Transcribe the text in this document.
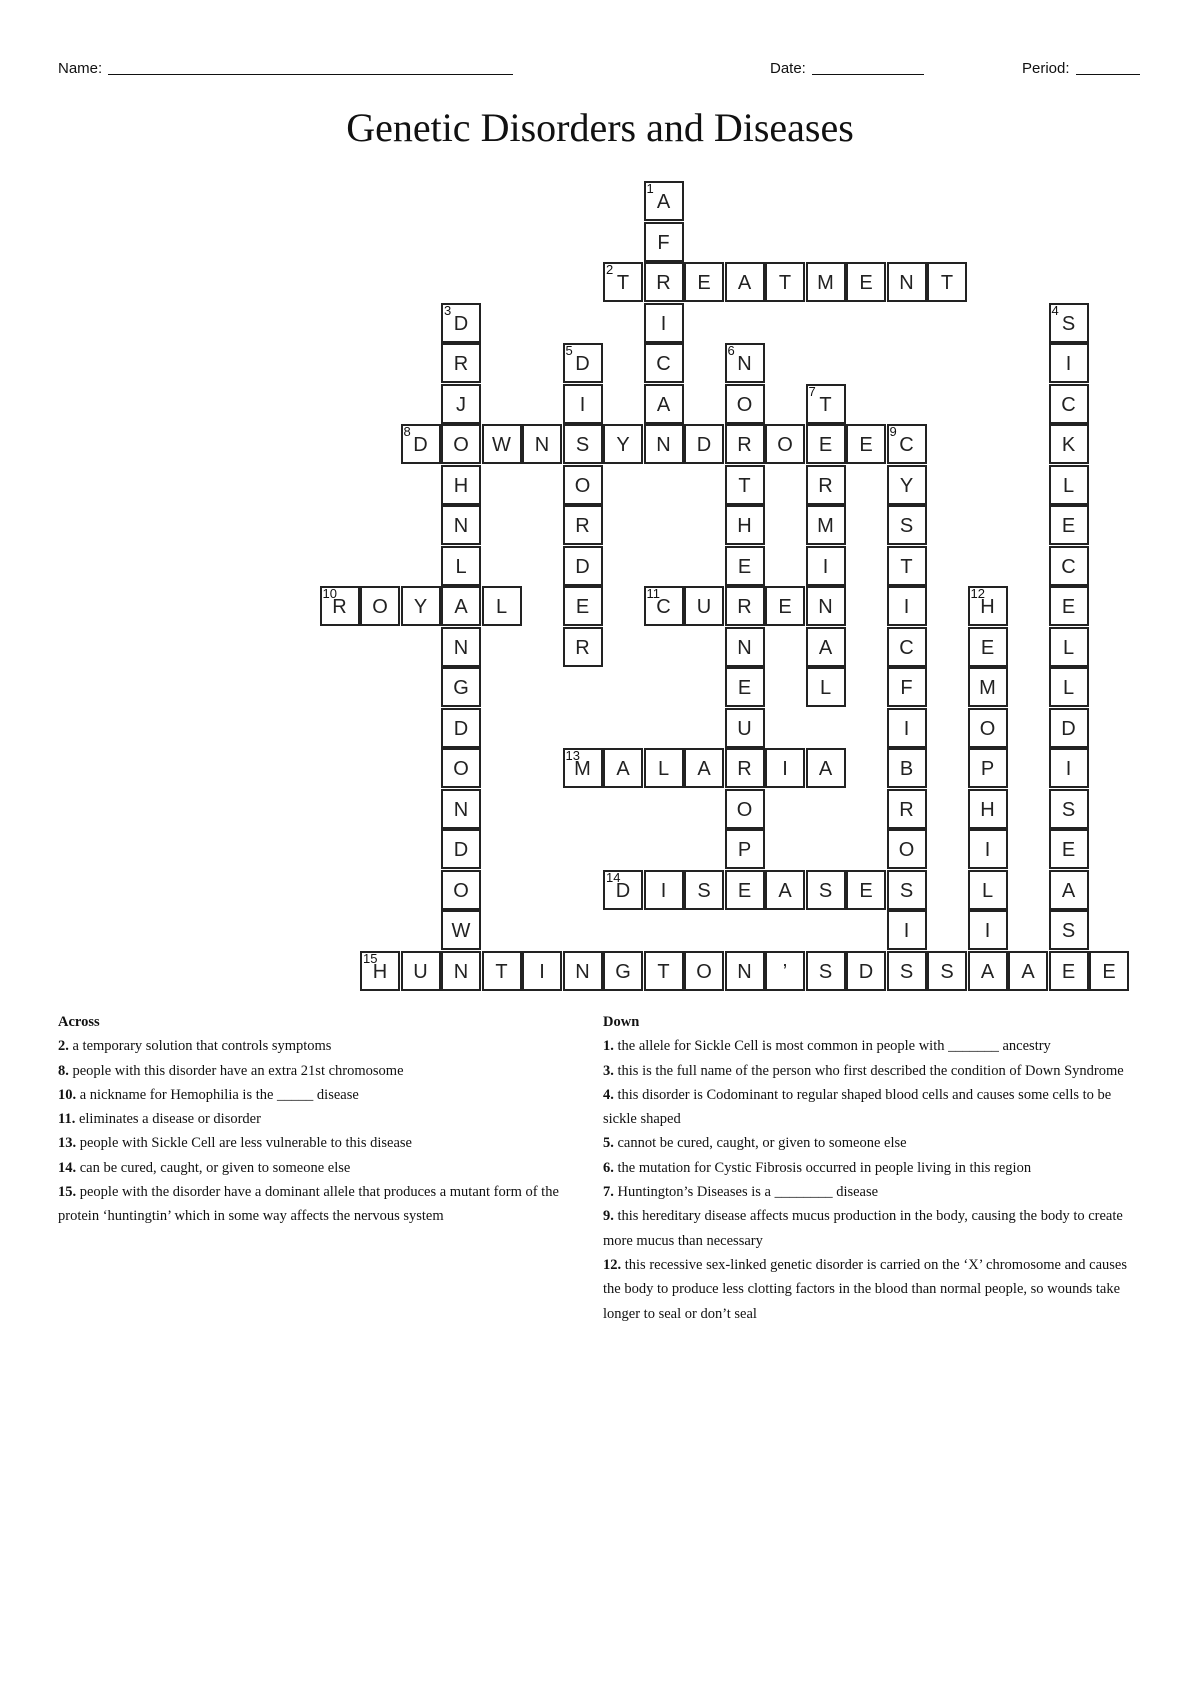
Name:	Date:	Period:
Genetic Disorders and Diseases
1
A
F
R
I
C
A
N
2
T	E	A	T	M	E	N	T
3
D
R
J
O
H
N
L
A
N
G
D
O
N
D
O
W
N
4
S
I
C
K
L
E
C
E
L
L
D
I
S
E
A
S
E
5
D
I
S
O
R
D
E
R
6
N
O
R
T
H
E
R
N
E
U
R
O
P
E
7
T
E
R
M
I
N
A
L
8
D	W	N	Y	D	O	E
9
C
Y
S
T
I
C
F
I
B
R
O
S
I
S
10
R	O	Y	L
11
C	U	E
12
H
E
M
O
P
H
I
L
I
A
13
M	A	L	A	I	A
14
D	I	S	A	S	E
15
H	U	T	I	N	G	T	O	N	’	S	D	S	A	E
Across
2. a temporary solution that controls symptoms
8. people with this disorder have an extra 21st chromosome
10. a nickname for Hemophilia is the _____ disease
11. eliminates a disease or disorder
13. people with Sickle Cell are less vulnerable to this disease
14. can be cured, caught, or given to someone else
15. people with the disorder have a dominant allele that produces a mutant form of the protein ‘huntingtin’ which in some way affects the nervous system
Down
1. the allele for Sickle Cell is most common in people with _______ ancestry
3. this is the full name of the person who first described the condition of Down Syndrome
4. this disorder is Codominant to regular shaped blood cells and causes some cells to be sickle shaped
5. cannot be cured, caught, or given to someone else
6. the mutation for Cystic Fibrosis occurred in people living in this region
7. Huntington’s Diseases is a ________ disease
9. this hereditary disease affects mucus production in the body, causing the body to create more mucus than necessary
12. this recessive sex-linked genetic disorder is carried on the ‘X’ chromosome and causes the body to produce less clotting factors in the blood than normal people, so wounds take longer to seal or don’t seal
